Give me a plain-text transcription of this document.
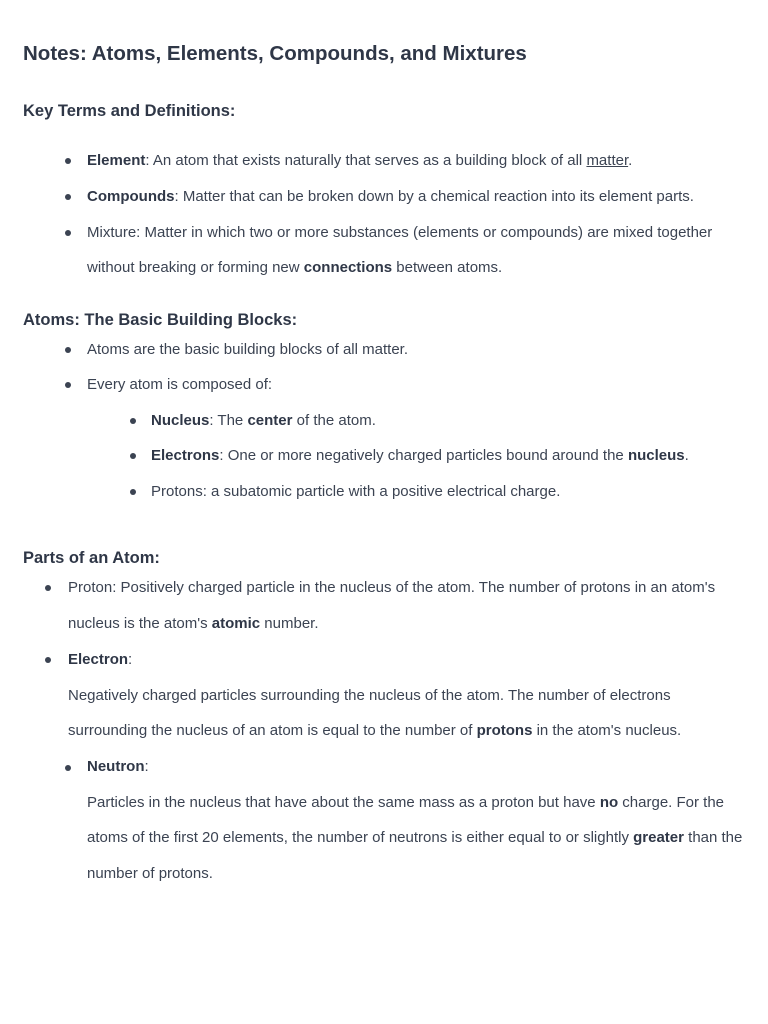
Notes: Atoms, Elements, Compounds, and Mixtures
Key Terms and Definitions:
Element: An atom that exists naturally that serves as a building block of all matter.
Compounds: Matter that can be broken down by a chemical reaction into its element parts.
Mixture: Matter in which two or more substances (elements or compounds) are mixed together
without breaking or forming new connections between atoms.
Atoms: The Basic Building Blocks:
Atoms are the basic building blocks of all matter.
Every atom is composed of:
Nucleus: The center of the atom.
Electrons: One or more negatively charged particles bound around the nucleus.
Protons: a subatomic particle with a positive electrical charge.
Parts of an Atom:
Proton: Positively charged particle in the nucleus of the atom. The number of protons in an atom's
nucleus is the atom's atomic number.
Electron:
Negatively charged particles surrounding the nucleus of the atom. The number of electrons
surrounding the nucleus of an atom is equal to the number of protons in the atom's nucleus.
Neutron:
Particles in the nucleus that have about the same mass as a proton but have no charge. For the
atoms of the first 20 elements, the number of neutrons is either equal to or slightly greater than the
number of protons.
